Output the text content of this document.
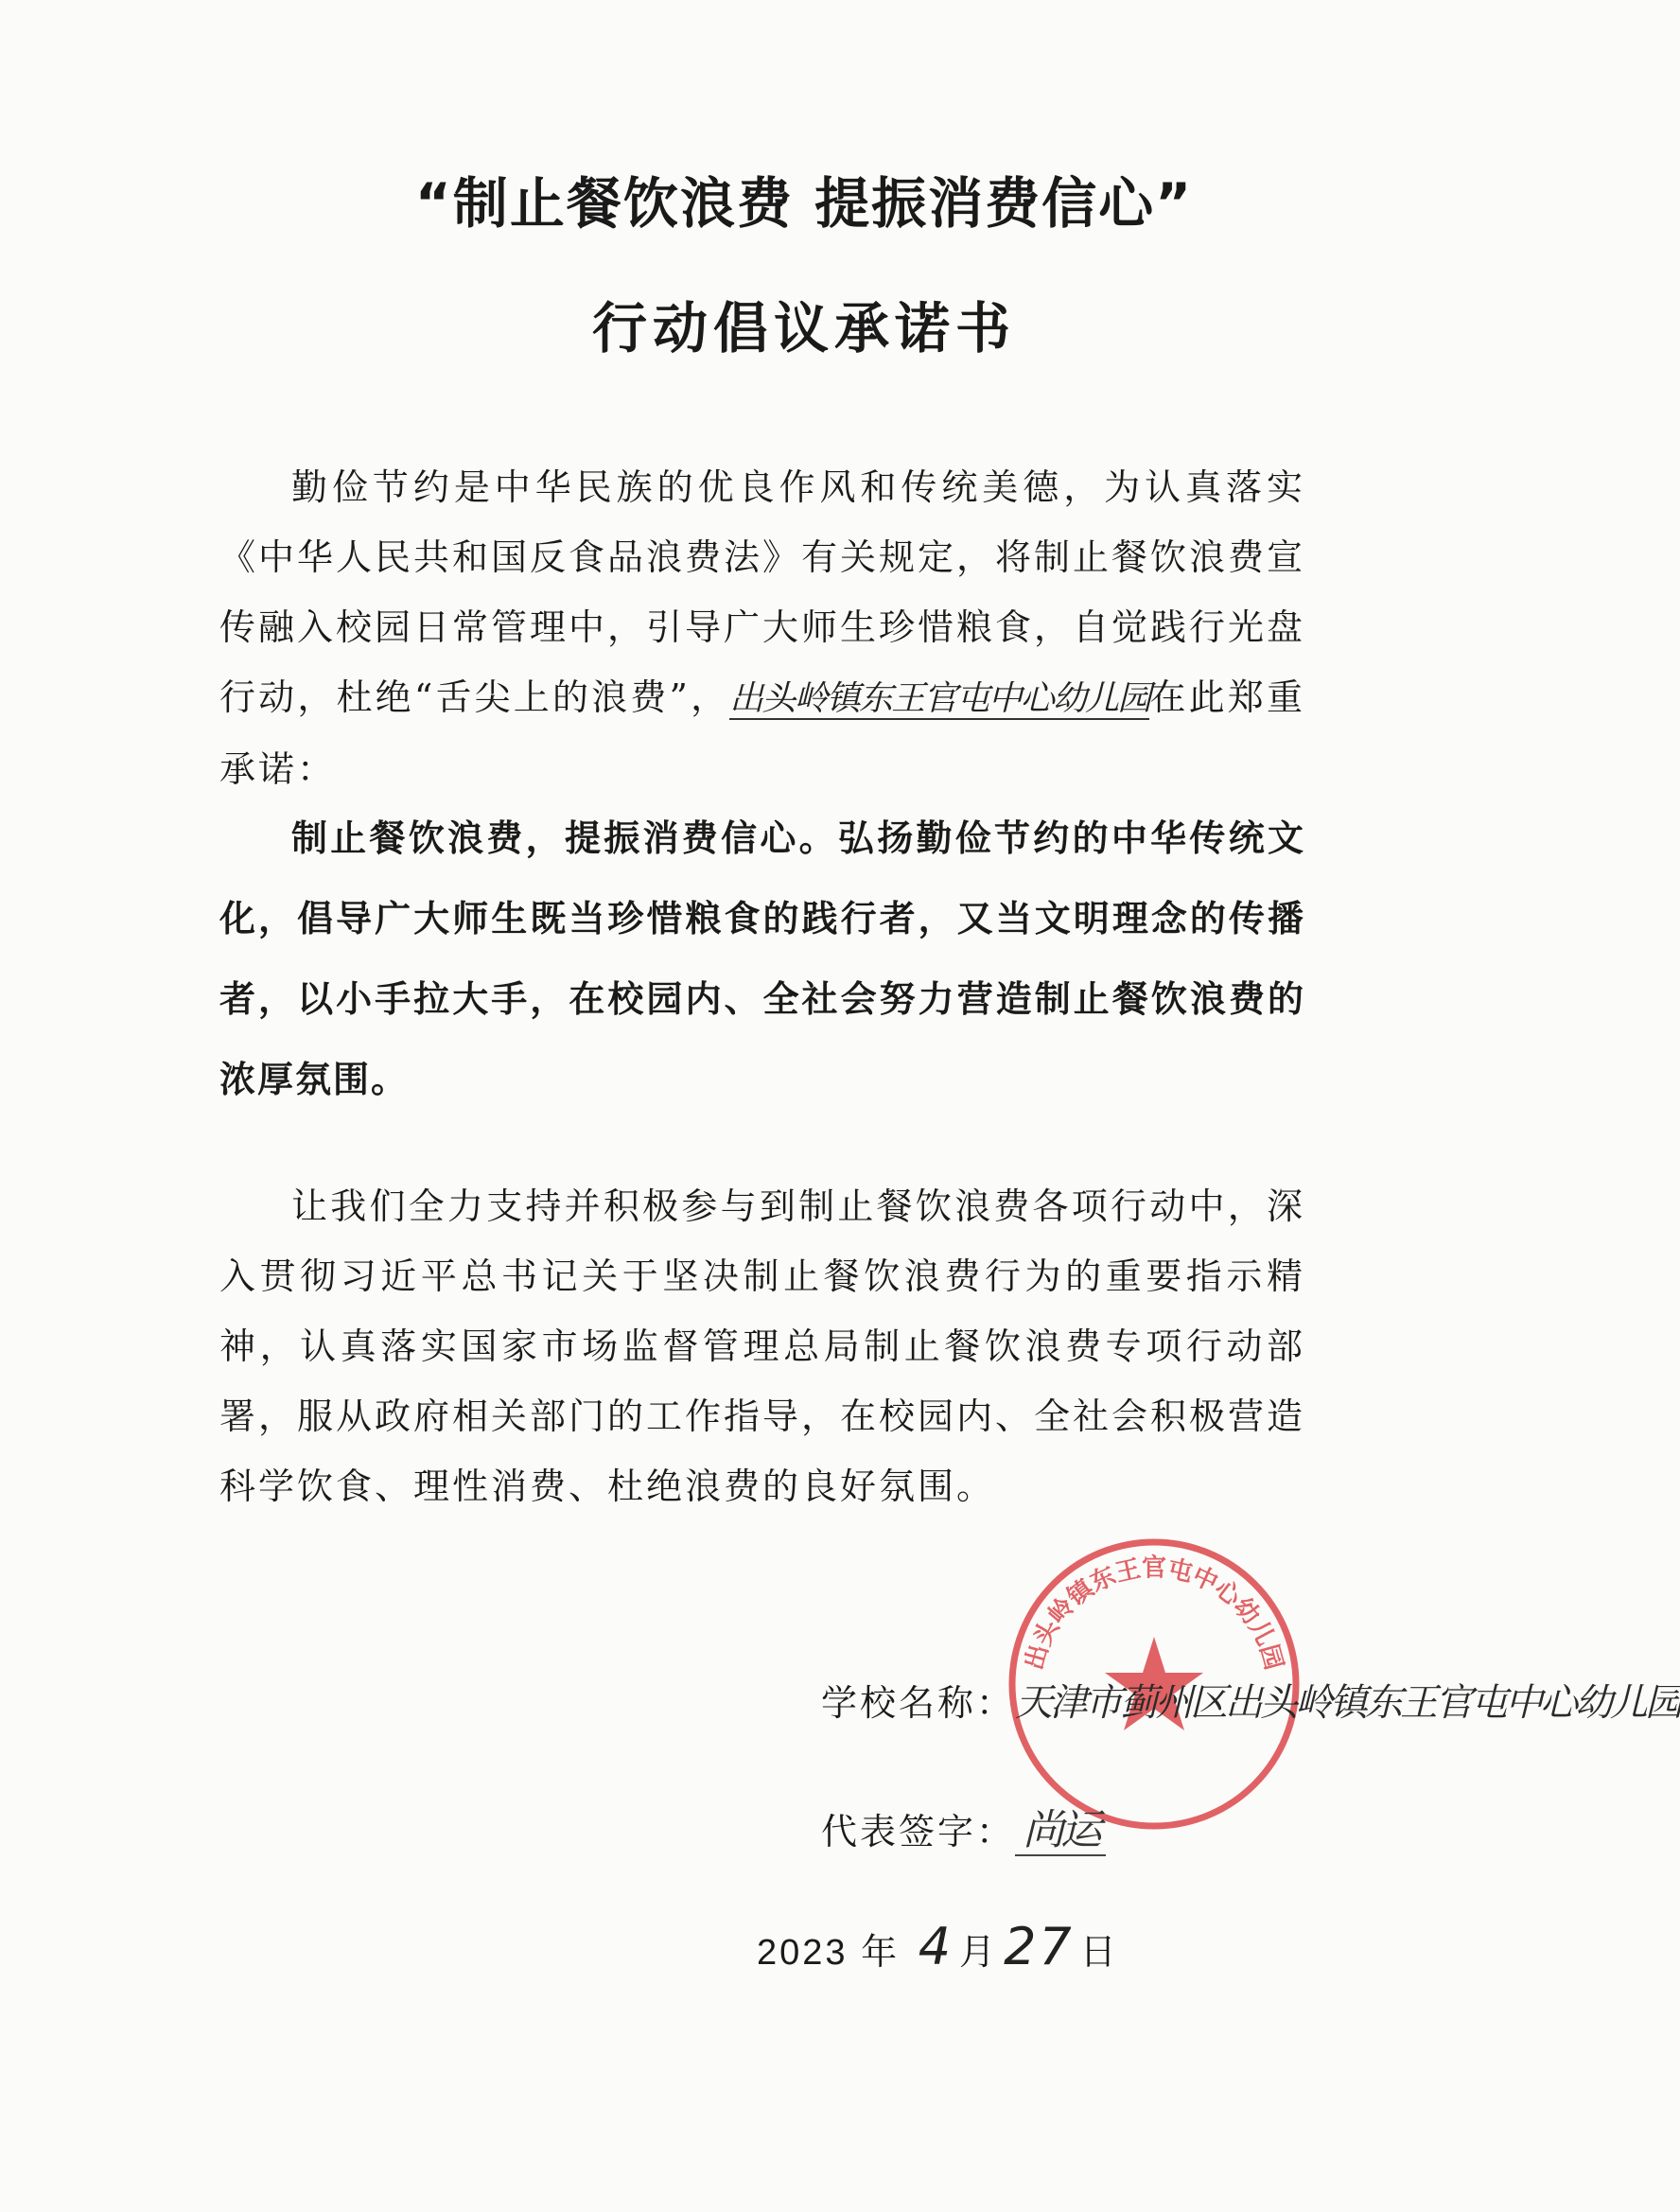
“制止餐饮浪费 提振消费信心”
行动倡议承诺书
勤俭节约是中华民族的优良作风和传统美德，为认真落实《中华人民共和国反食品浪费法》有关规定，将制止餐饮浪费宣传融入校园日常管理中，引导广大师生珍惜粮食，自觉践行光盘行动，杜绝“舌尖上的浪费”，出头岭镇东王官屯中心幼儿园在此郑重承诺：
制止餐饮浪费，提振消费信心。弘扬勤俭节约的中华传统文化，倡导广大师生既当珍惜粮食的践行者，又当文明理念的传播者，以小手拉大手，在校园内、全社会努力营造制止餐饮浪费的浓厚氛围。
让我们全力支持并积极参与到制止餐饮浪费各项行动中，深入贯彻习近平总书记关于坚决制止餐饮浪费行为的重要指示精神，认真落实国家市场监督管理总局制止餐饮浪费专项行动部署，服从政府相关部门的工作指导，在校园内、全社会积极营造科学饮食、理性消费、杜绝浪费的良好氛围。
出头岭镇东王官屯中心幼儿园
学校名称：天津市蓟州区出头岭镇东王官屯中心幼儿园
代表签字： 尚运
2023 年 4 月 27 日
